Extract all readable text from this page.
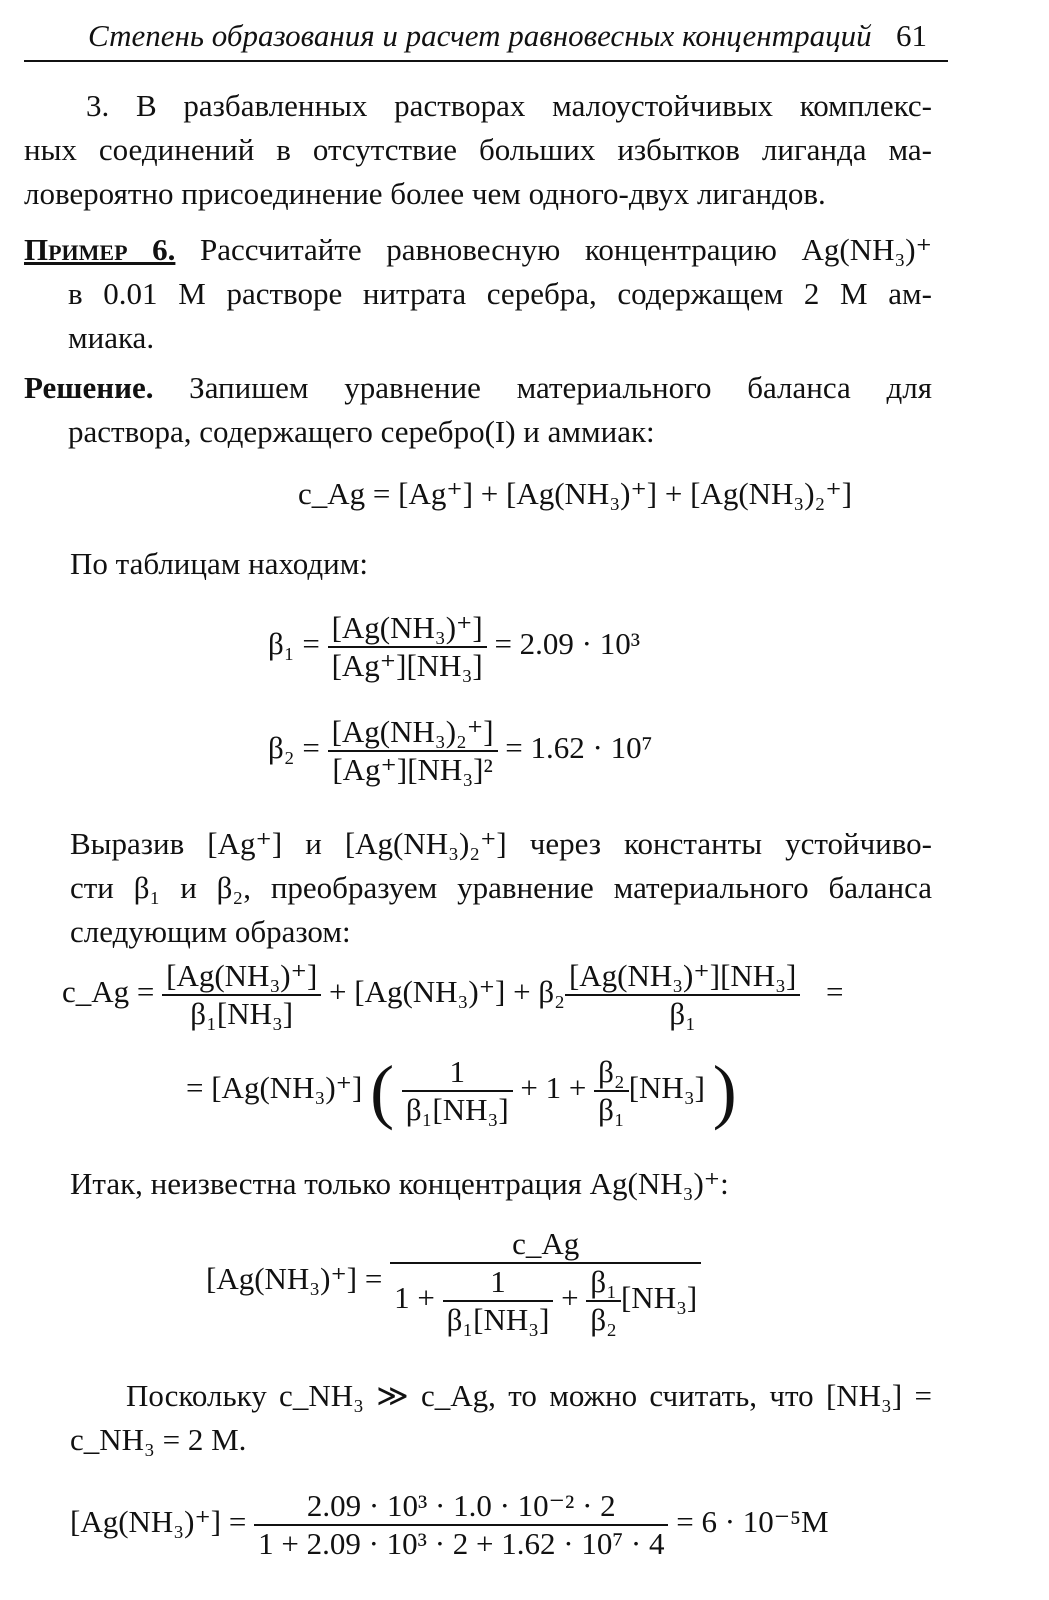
Степень образования и расчет равновесных концентраций 61
3. В разбавленных растворах малоустойчивых комплекс-
ных соединений в отсутствие больших избытков лиганда ма-
ловероятно присоединение более чем одного-двух лигандов.
Пример 6. Рассчитайте равновесную концентрацию Ag(NH₃)⁺
в 0.01 М растворе нитрата серебра, содержащем 2 М ам-
миака.
Решение. Запишем уравнение материального баланса для
раствора, содержащего серебро(I) и аммиак:
c_Ag = [Ag⁺] + [Ag(NH₃)⁺] + [Ag(NH₃)₂⁺]
По таблицам находим:
$\beta_1 = \frac{\text{[Ag(NH₃)⁺]}}{\text{[Ag⁺][NH₃]}} = 2.09 \cdot 10^3$
$\beta_2 = \frac{\text{[Ag(NH₃)₂⁺]}}{\text{[Ag⁺][NH₃]²}} = 1.62 \cdot 10^7$
Выразив [Ag⁺] и [Ag(NH₃)₂⁺] через константы устойчиво-
сти β₁ и β₂, преобразуем уравнение материального баланса
следующим образом:
c_Ag = $\frac{\text{[Ag(NH₃)⁺]}}{\text{β₁[NH₃]}} + [Ag(NH_3)^+] + \beta_2 \frac{\text{[Ag(NH₃)⁺][NH₃]}}{\text{β₁}}$ =
= [Ag(NH₃)⁺] ( $\frac{1}{\text{β₁[NH₃]}} + 1 + \frac{\text{β₂}}{\text{β₁}} [NH_3]$ )
Итак, неизвестна только концентрация Ag(NH₃)⁺:
[Ag(NH₃)⁺] =
c_Ag
$1 + \frac{1}{\text{β₁[NH₃]}} + \frac{\text{β₁}}{\text{β₂}} [NH_3]$
Поскольку c_NH₃ ≫ c_Ag, то можно считать, что [NH₃] =
c_NH₃ = 2 М.
$[Ag(NH_3)^+] = \frac{\text{2.09 · 10³ · 1.0 · 10⁻² · 2}}{\text{1 + 2.09 · 10³ · 2 + 1.62 · 10⁷ · 4}} = 6 \cdot 10^{-5}М$
